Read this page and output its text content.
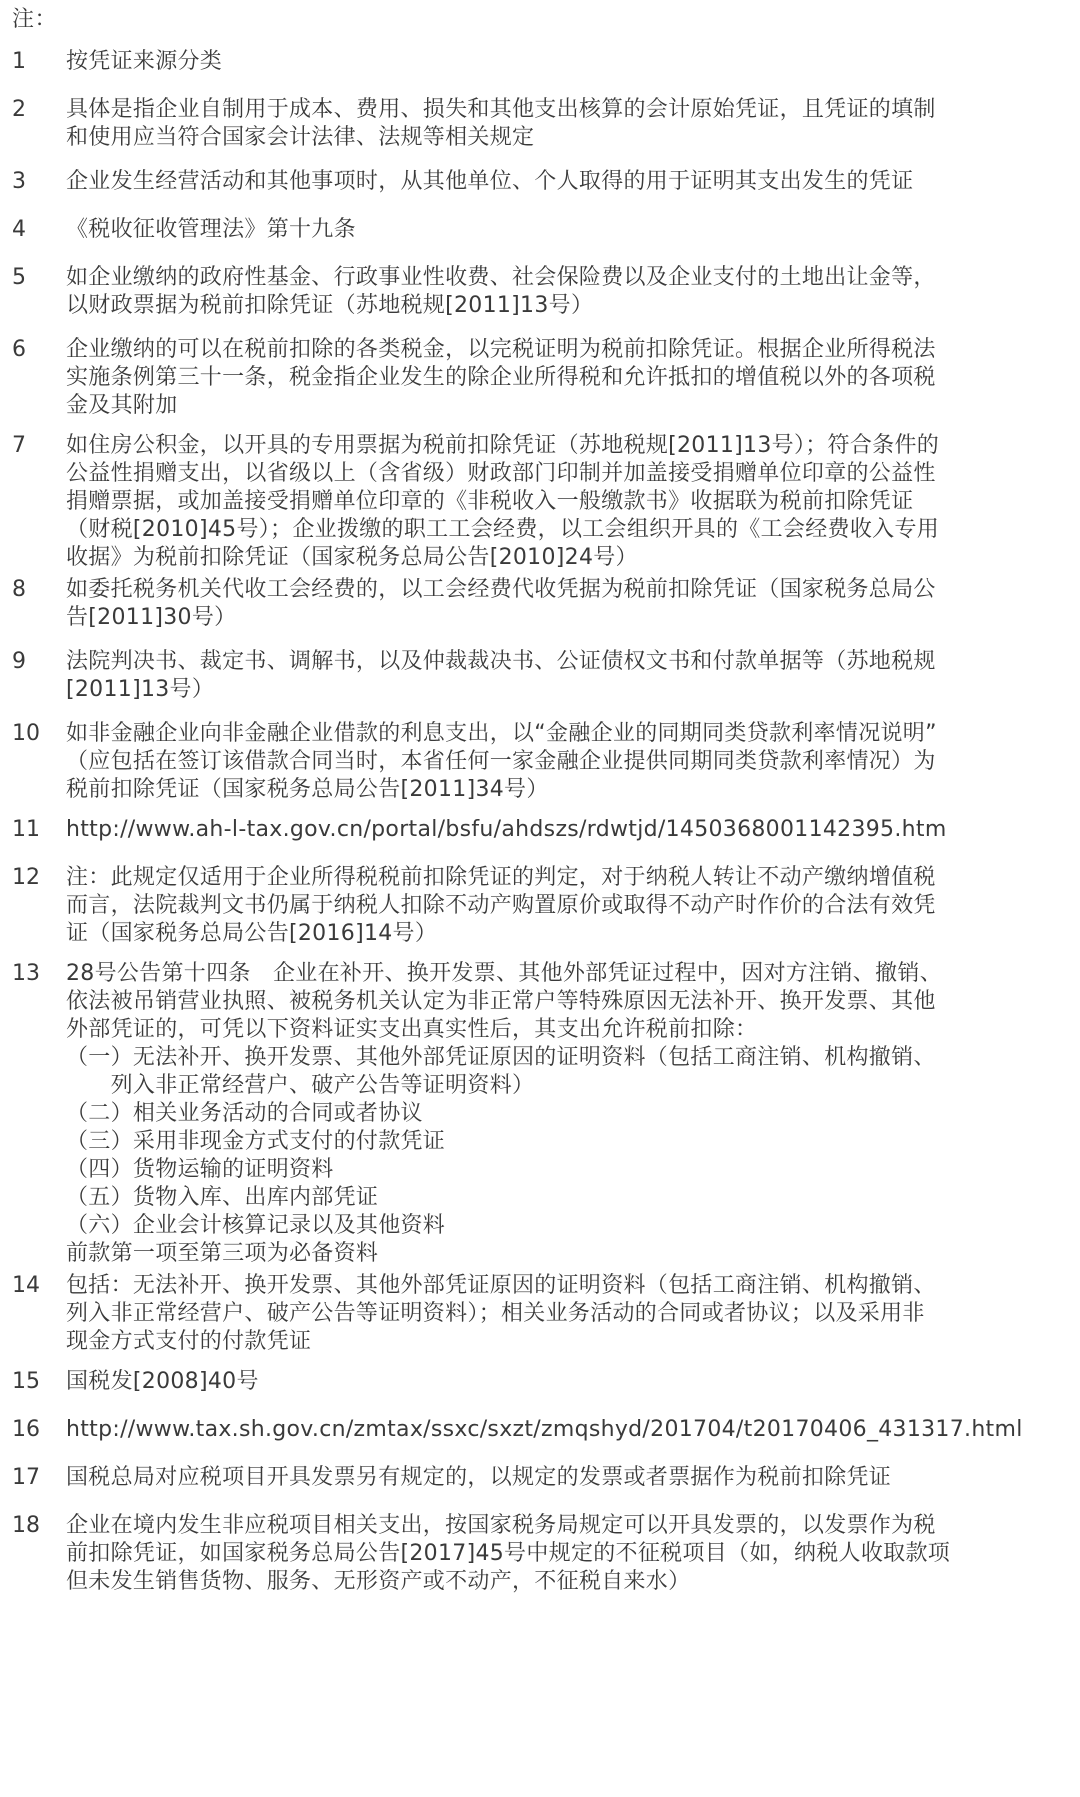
注：
1 按凭证来源分类
2 具体是指企业自制用于成本、费用、损失和其他支出核算的会计原始凭证，且凭证的填制
和使用应当符合国家会计法律、法规等相关规定
3 企业发生经营活动和其他事项时，从其他单位、个人取得的用于证明其支出发生的凭证
4 《税收征收管理法》第十九条
5 如企业缴纳的政府性基金、行政事业性收费、社会保险费以及企业支付的土地出让金等，
以财政票据为税前扣除凭证（苏地税规[2011]13号）
6 企业缴纳的可以在税前扣除的各类税金，以完税证明为税前扣除凭证。根据企业所得税法
实施条例第三十一条，税金指企业发生的除企业所得税和允许抵扣的增值税以外的各项税
金及其附加
7 如住房公积金，以开具的专用票据为税前扣除凭证（苏地税规[2011]13号）；符合条件的
公益性捐赠支出，以省级以上（含省级）财政部门印制并加盖接受捐赠单位印章的公益性
捐赠票据，或加盖接受捐赠单位印章的《非税收入一般缴款书》收据联为税前扣除凭证
（财税[2010]45号）；企业拨缴的职工工会经费，以工会组织开具的《工会经费收入专用
收据》为税前扣除凭证（国家税务总局公告[2010]24号）
8 如委托税务机关代收工会经费的，以工会经费代收凭据为税前扣除凭证（国家税务总局公
告[2011]30号）
9 法院判决书、裁定书、调解书，以及仲裁裁决书、公证债权文书和付款单据等（苏地税规
[2011]13号）
10 如非金融企业向非金融企业借款的利息支出，以“金融企业的同期同类贷款利率情况说明”
（应包括在签订该借款合同当时，本省任何一家金融企业提供同期同类贷款利率情况）为
税前扣除凭证（国家税务总局公告[2011]34号）
11 http://www.ah-l-tax.gov.cn/portal/bsfu/ahdszs/rdwtjd/1450368001142395.htm
12 注：此规定仅适用于企业所得税税前扣除凭证的判定，对于纳税人转让不动产缴纳增值税
而言，法院裁判文书仍属于纳税人扣除不动产购置原价或取得不动产时作价的合法有效凭
证（国家税务总局公告[2016]14号）
13 28号公告第十四条　企业在补开、换开发票、其他外部凭证过程中，因对方注销、撤销、
依法被吊销营业执照、被税务机关认定为非正常户等特殊原因无法补开、换开发票、其他
外部凭证的，可凭以下资料证实支出真实性后，其支出允许税前扣除：
（一）无法补开、换开发票、其他外部凭证原因的证明资料（包括工商注销、机构撤销、
　　列入非正常经营户、破产公告等证明资料）
（二）相关业务活动的合同或者协议
（三）采用非现金方式支付的付款凭证
（四）货物运输的证明资料
（五）货物入库、出库内部凭证
（六）企业会计核算记录以及其他资料
前款第一项至第三项为必备资料
14 包括：无法补开、换开发票、其他外部凭证原因的证明资料（包括工商注销、机构撤销、
列入非正常经营户、破产公告等证明资料）；相关业务活动的合同或者协议；以及采用非
现金方式支付的付款凭证
15 国税发[2008]40号
16 http://www.tax.sh.gov.cn/zmtax/ssxc/sxzt/zmqshyd/201704/t20170406_431317.html
17 国税总局对应税项目开具发票另有规定的，以规定的发票或者票据作为税前扣除凭证
18 企业在境内发生非应税项目相关支出，按国家税务局规定可以开具发票的，以发票作为税
前扣除凭证，如国家税务总局公告[2017]45号中规定的不征税项目（如，纳税人收取款项
但未发生销售货物、服务、无形资产或不动产，不征税自来水）
